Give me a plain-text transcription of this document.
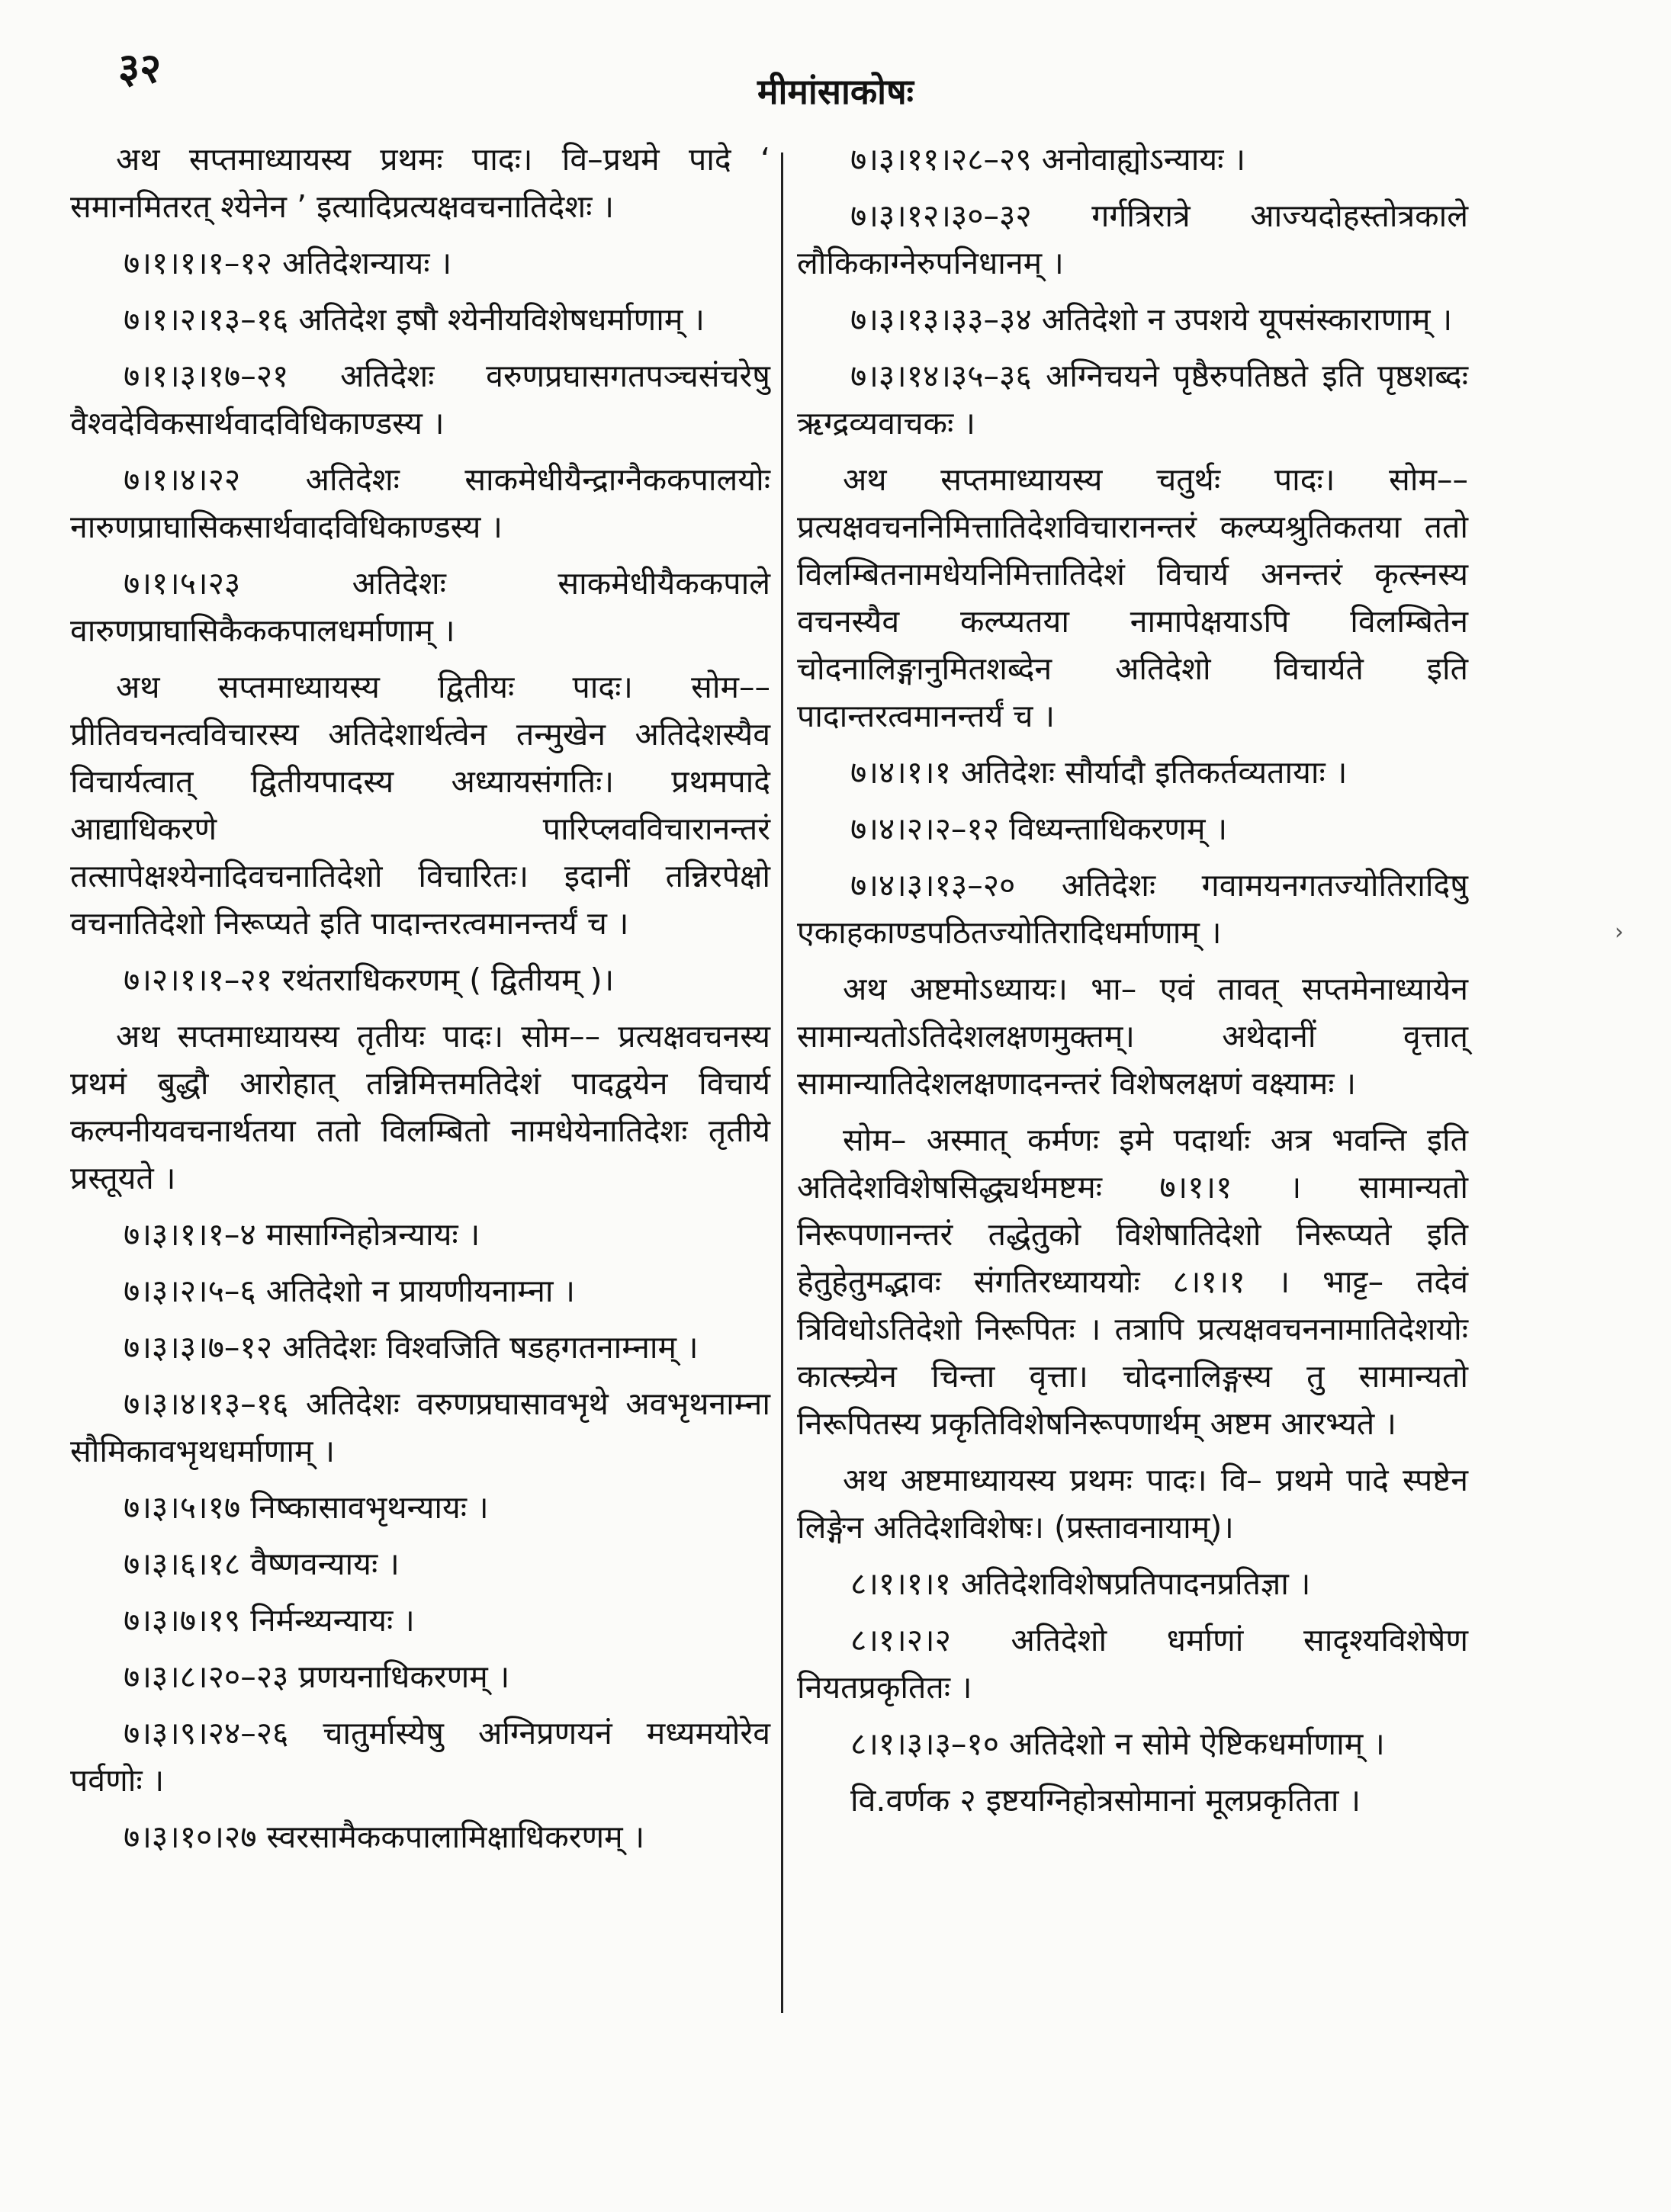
३२	मीमांसाकोषः

अथ सप्तमाध्यायस्य प्रथमः पादः। वि–प्रथमे पादे ‘ समानमितरत् श्येनेन ’ इत्यादिप्रत्यक्षवचनातिदेशः ।

७।१।१।१–१२ अतिदेशन्यायः ।

७।१।२।१३–१६ अतिदेश इषौ श्येनीयविशेषधर्माणाम् ।

७।१।३।१७–२१ अतिदेशः वरुणप्रघासगतपञ्चसंचरेषु वैश्वदेविकसार्थवादविधिकाण्डस्य ।

७।१।४।२२ अतिदेशः साकमेधीयैन्द्राग्नैककपालयोः नारुणप्राघासिकसार्थवादविधिकाण्डस्य ।

७।१।५।२३ अतिदेशः साकमेधीयैककपाले वारुणप्राघासिकैककपालधर्माणाम् ।

अथ सप्तमाध्यायस्य द्वितीयः पादः। सोम–– प्रीतिवचनत्वविचारस्य अतिदेशार्थत्वेन तन्मुखेन अतिदेशस्यैव विचार्यत्वात् द्वितीयपादस्य अध्यायसंगतिः। प्रथमपादे आद्याधिकरणे पारिप्लवविचारानन्तरं तत्सापेक्षश्येनादिवचनातिदेशो विचारितः। इदानीं तन्निरपेक्षो वचनातिदेशो निरूप्यते इति पादान्तरत्वमानन्तर्यं च ।

७।२।१।१–२१ रथंतराधिकरणम् ( द्वितीयम् )।

अथ सप्तमाध्यायस्य तृतीयः पादः। सोम–– प्रत्यक्षवचनस्य प्रथमं बुद्धौ आरोहात् तन्निमित्तमतिदेशं पादद्वयेन विचार्य कल्पनीयवचनार्थतया ततो विलम्बितो नामधेयेनातिदेशः तृतीये प्रस्तूयते ।

७।३।१।१–४ मासाग्निहोत्रन्यायः ।

७।३।२।५–६ अतिदेशो न प्रायणीयनाम्ना ।

७।३।३।७–१२ अतिदेशः विश्वजिति षडहगतनाम्नाम् ।

७।३।४।१३–१६ अतिदेशः वरुणप्रघासावभृथे अवभृथनाम्ना सौमिकावभृथधर्माणाम् ।

७।३।५।१७ निष्कासावभृथन्यायः ।

७।३।६।१८ वैष्णवन्यायः ।

७।३।७।१९ निर्मन्थ्यन्यायः ।

७।३।८।२०–२३ प्रणयनाधिकरणम् ।

७।३।९।२४–२६ चातुर्मास्येषु अग्निप्रणयनं मध्यमयोरेव पर्वणोः ।

७।३।१०।२७ स्वरसामैककपालामिक्षाधिकरणम् ।

७।३।११।२८–२९ अनोवाह्योऽन्यायः ।

७।३।१२।३०–३२ गर्गत्रिरात्रे आज्यदोहस्तोत्रकाले लौकिकाग्नेरुपनिधानम् ।

७।३।१३।३३–३४ अतिदेशो न उपशये यूपसंस्काराणाम् ।

७।३।१४।३५–३६ अग्निचयने पृष्ठैरुपतिष्ठते इति पृष्ठशब्दः ऋग्द्रव्यवाचकः ।

अथ सप्तमाध्यायस्य चतुर्थः पादः। सोम–– प्रत्यक्षवचननिमित्तातिदेशविचारानन्तरं कल्प्यश्रुतिकतया ततो विलम्बितनामधेयनिमित्तातिदेशं विचार्य अनन्तरं कृत्स्नस्य वचनस्यैव कल्प्यतया नामापेक्षयाऽपि विलम्बितेन चोदनालिङ्गानुमितशब्देन अतिदेशो विचार्यते इति पादान्तरत्वमानन्तर्यं च ।

७।४।१।१ अतिदेशः सौर्यादौ इतिकर्तव्यतायाः ।

७।४।२।२–१२ विध्यन्ताधिकरणम् ।

७।४।३।१३–२० अतिदेशः गवामयनगतज्योतिरादिषु एकाहकाण्डपठितज्योतिरादिधर्माणाम् ।

अथ अष्टमोऽध्यायः। भा– एवं तावत् सप्तमेनाध्यायेन सामान्यतोऽतिदेशलक्षणमुक्तम्। अथेदानीं वृत्तात् सामान्यातिदेशलक्षणादनन्तरं विशेषलक्षणं वक्ष्यामः ।

सोम– अस्मात् कर्मणः इमे पदार्थाः अत्र भवन्ति इति अतिदेशविशेषसिद्ध्यर्थमष्टमः ७।१।१ । सामान्यतो निरूपणानन्तरं तद्धेतुको विशेषातिदेशो निरूप्यते इति हेतुहेतुमद्भावः संगतिरध्याययोः ८।१।१ । भाट्ट– तदेवं त्रिविधोऽतिदेशो निरूपितः । तत्रापि प्रत्यक्षवचननामातिदेशयोः कात्स्न्र्येन चिन्ता वृत्ता। चोदनालिङ्गस्य तु सामान्यतो निरूपितस्य प्रकृतिविशेषनिरूपणार्थम् अष्टम आरभ्यते ।

अथ अष्टमाध्यायस्य प्रथमः पादः। वि– प्रथमे पादे स्पष्टेन लिङ्गेन अतिदेशविशेषः। (प्रस्तावनायाम्)।

८।१।१।१ अतिदेशविशेषप्रतिपादनप्रतिज्ञा ।

८।१।२।२ अतिदेशो धर्माणां सादृश्यविशेषेण नियतप्रकृतितः ।

८।१।३।३–१० अतिदेशो न सोमे ऐष्टिकधर्माणाम् ।

वि.वर्णक २ इष्टयग्निहोत्रसोमानां मूलप्रकृतिता ।

›
